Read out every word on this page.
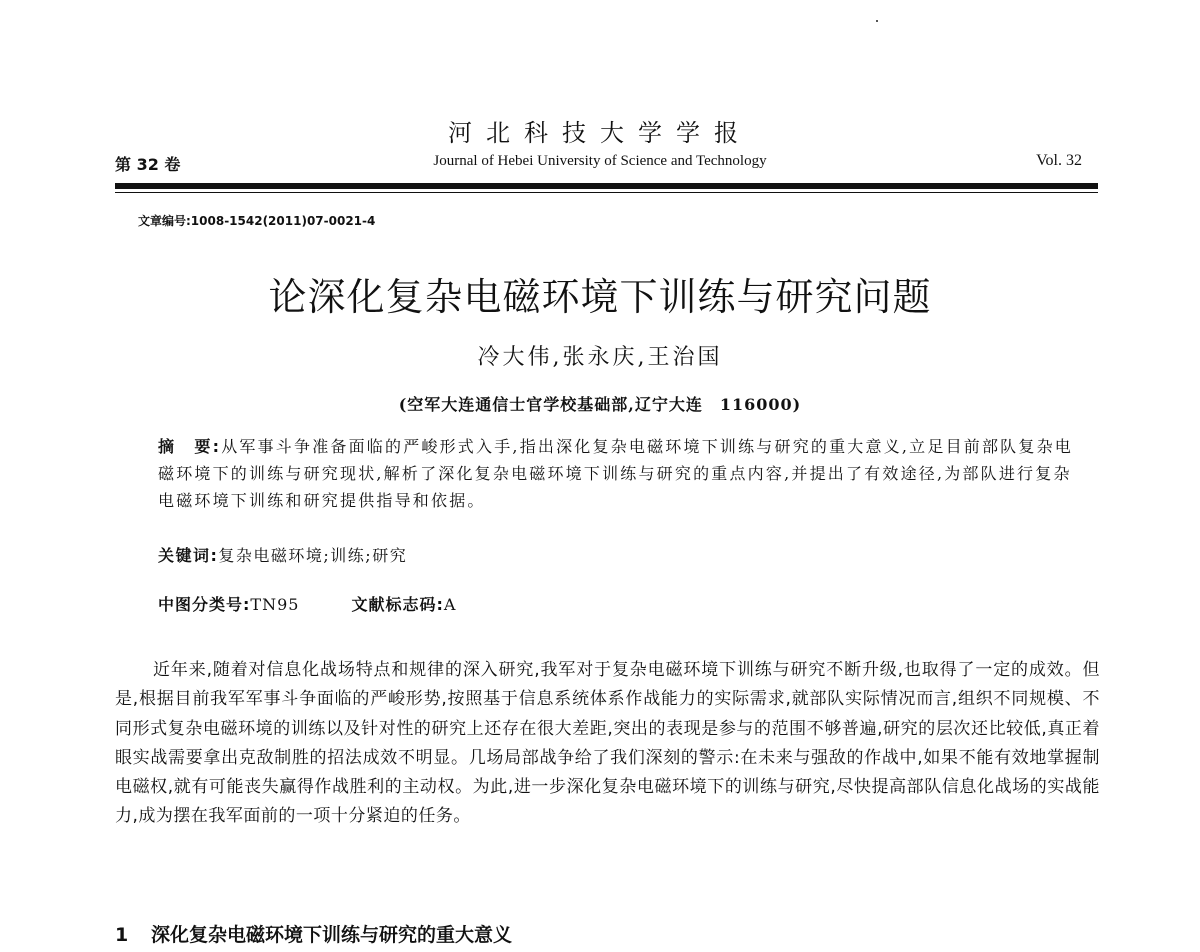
河北科技大学学报
第 32 卷	Journal of Hebei University of Science and Technology	Vol. 32
文章编号:1008-1542(2011)07-0021-4
论深化复杂电磁环境下训练与研究问题
冷大伟,张永庆,王治国
(空军大连通信士官学校基础部,辽宁大连　116000)
摘　要:从军事斗争准备面临的严峻形式入手,指出深化复杂电磁环境下训练与研究的重大意义,立足目前部队复杂电磁环境下的训练与研究现状,解析了深化复杂电磁环境下训练与研究的重点内容,并提出了有效途径,为部队进行复杂电磁环境下训练和研究提供指导和依据。
关键词:复杂电磁环境;训练;研究
中图分类号:TN95	文献标志码:A
近年来,随着对信息化战场特点和规律的深入研究,我军对于复杂电磁环境下训练与研究不断升级,也取得了一定的成效。但是,根据目前我军军事斗争面临的严峻形势,按照基于信息系统体系作战能力的实际需求,就部队实际情况而言,组织不同规模、不同形式复杂电磁环境的训练以及针对性的研究上还存在很大差距,突出的表现是参与的范围不够普遍,研究的层次还比较低,真正着眼实战需要拿出克敌制胜的招法成效不明显。几场局部战争给了我们深刻的警示:在未来与强敌的作战中,如果不能有效地掌握制电磁权,就有可能丧失赢得作战胜利的主动权。为此,进一步深化复杂电磁环境下的训练与研究,尽快提高部队信息化战场的实战能力,成为摆在我军面前的一项十分紧迫的任务。
1 深化复杂电磁环境下训练与研究的重大意义
